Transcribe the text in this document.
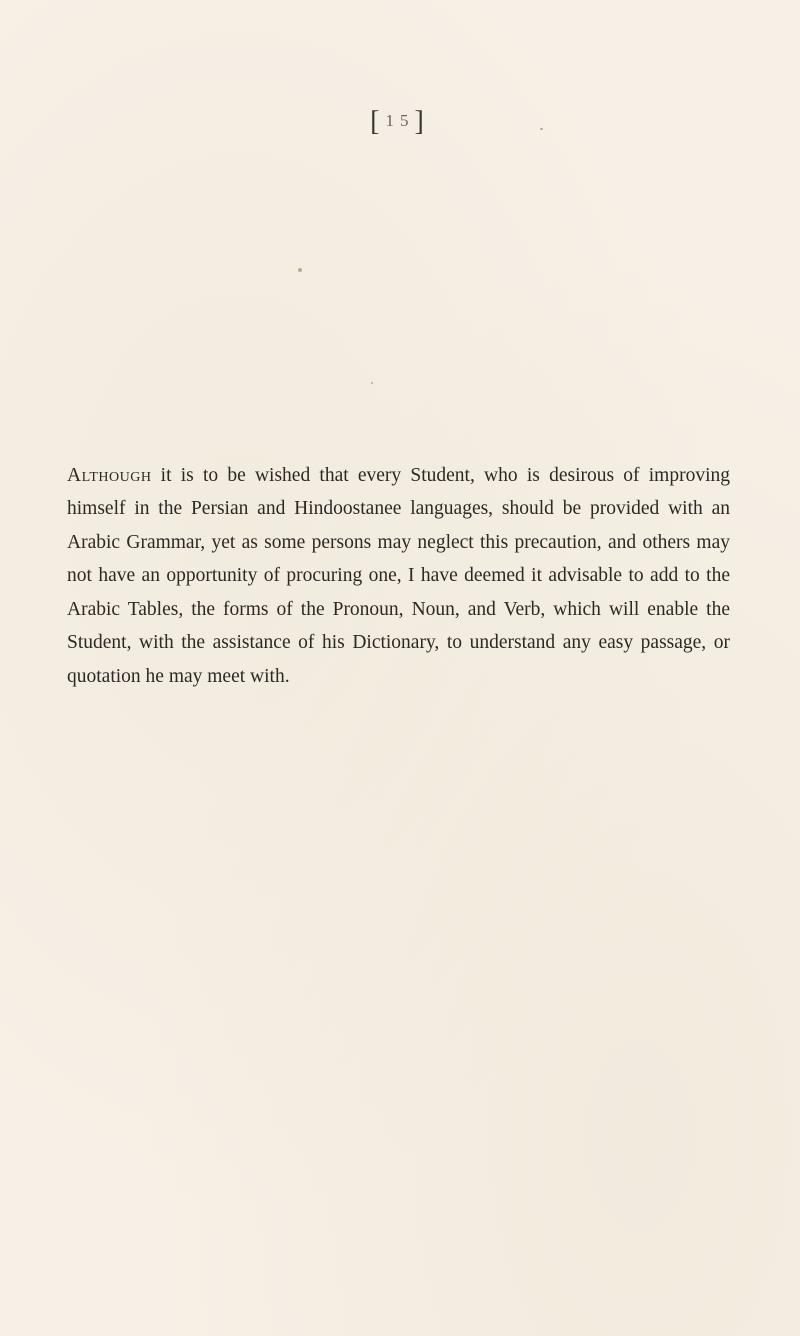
[15]

Although it is to be wished that every Student, who is desirous of improving himself in the Persian and Hindoostanee languages, should be provided with an Arabic Grammar, yet as some persons may neglect this precaution, and others may not have an opportunity of procuring one, I have deemed it advisable to add to the Arabic Tables, the forms of the Pronoun, Noun, and Verb, which will enable the Student, with the assistance of his Dictionary, to understand any easy passage, or quotation he may meet with.
